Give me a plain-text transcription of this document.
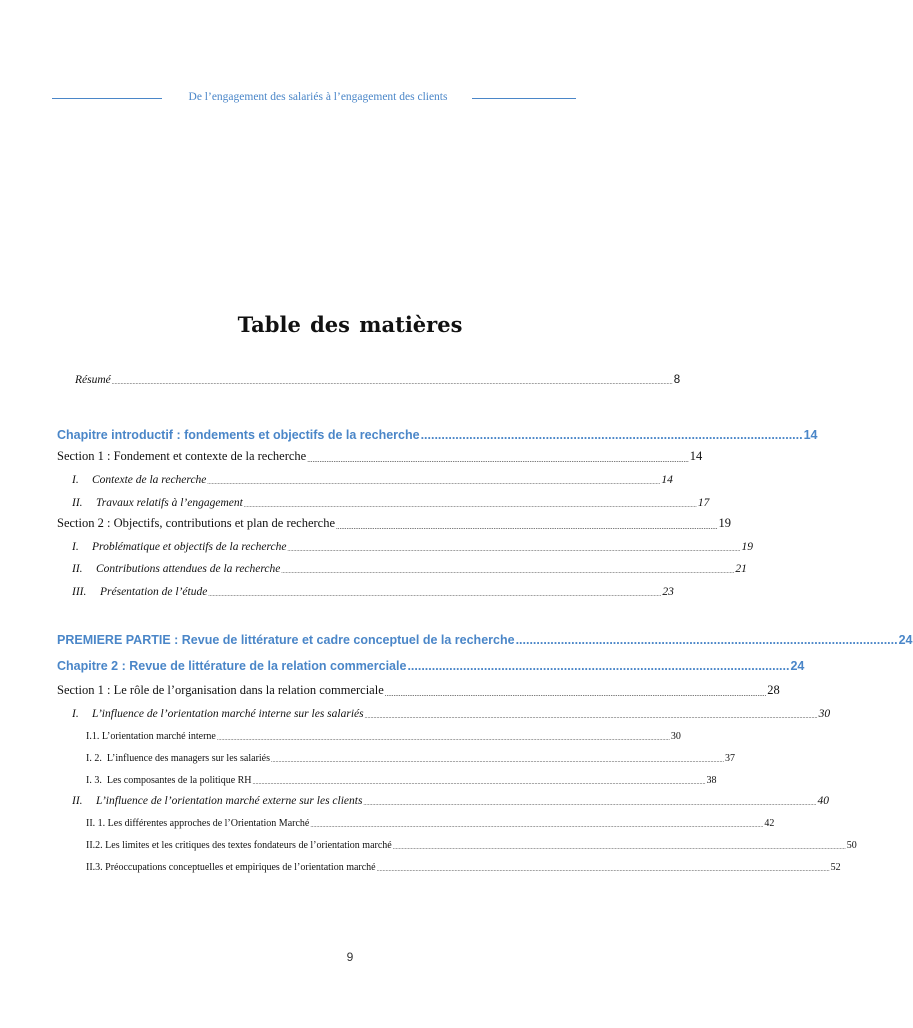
De l’engagement des salariés à l’engagement des clients
Table des matières
Résumé ...................................................................................................................................................................................................................................................................................................................................................................................... 8
Chapitre introductif : fondements et objectifs de la recherche .............................................................................................................. 14
Section 1 : Fondement et contexte de la recherche .......................................................................................................................................................................................................................... 14
I. Contexte de la recherche .............................................................................................................................................................................................................................................................................................................. 14
II. Travaux relatifs à l’engagement .............................................................................................................................................................................................................................................................................................................. 17
Section 2 : Objectifs, contributions et plan de recherche .......................................................................................................................................................................................................................... 19
I. Problématique et objectifs de la recherche .............................................................................................................................................................................................................................................................................................................. 19
II. Contributions attendues de la recherche .............................................................................................................................................................................................................................................................................................................. 21
III. Présentation de l’étude .............................................................................................................................................................................................................................................................................................................. 23
PREMIERE PARTIE : Revue de littérature et cadre conceptuel de la recherche .............................................................................................................. 24
Chapitre 2 : Revue de littérature de la relation commerciale .............................................................................................................. 24
Section 1 : Le rôle de l’organisation dans la relation commerciale .......................................................................................................................................................................................................................... 28
I. L’influence de l’orientation marché interne sur les salariés .............................................................................................................................................................................................................................................................................................................. 30
I.1. L’orientation marché interne .............................................................................................................................................................................................................................................................................................................. 30
I. 2.  L’influence des managers sur les salariés .............................................................................................................................................................................................................................................................................................................. 37
I. 3.  Les composantes de la politique RH .............................................................................................................................................................................................................................................................................................................. 38
II. L’influence de l’orientation marché externe sur les clients .............................................................................................................................................................................................................................................................................................................. 40
II. 1. Les différentes approches de l’Orientation Marché .............................................................................................................................................................................................................................................................................................................. 42
II.2. Les limites et les critiques des textes fondateurs de l’orientation marché .............................................................................................................................................................................................................................................................................................................. 50
II.3. Préoccupations conceptuelles et empiriques de l’orientation marché .............................................................................................................................................................................................................................................................................................................. 52
9
